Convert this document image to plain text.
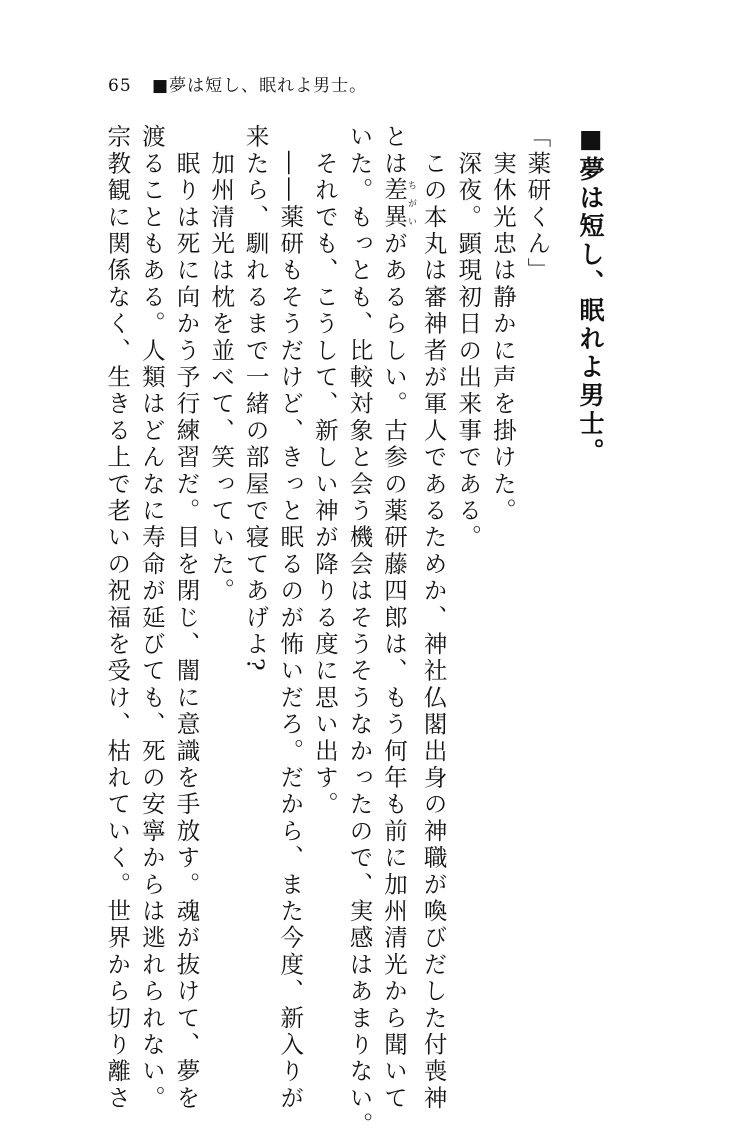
65 ■夢は短し、眠れよ男士。
■夢は短し、眠れよ男士。
「薬研くん」
　実休光忠は静かに声を掛けた。
　深夜。顕現初日の出来事である。
　この本丸は審神者が軍人であるためか、神社仏閣出身の神職が喚びだした付喪神
とは差異ちがいがあるらしい。古参の薬研藤四郎は、もう何年も前に加州清光から聞いて
いた。もっとも、比較対象と会う機会はそうそうなかったので、実感はあまりない。
　それでも、こうして、新しい神が降りる度に思い出す。
　――薬研もそうだけど、きっと眠るのが怖いだろ。だから、また今度、新入りが
来たら、馴れるまで一緒の部屋で寝てあげよ?
　加州清光は枕を並べて、笑っていた。
　眠りは死に向かう予行練習だ。目を閉じ、闇に意識を手放す。魂が抜けて、夢を
渡ることもある。人類はどんなに寿命が延びても、死の安寧からは逃れられない。
宗教観に関係なく、生きる上で老いの祝福を受け、枯れていく。世界から切り離さ
